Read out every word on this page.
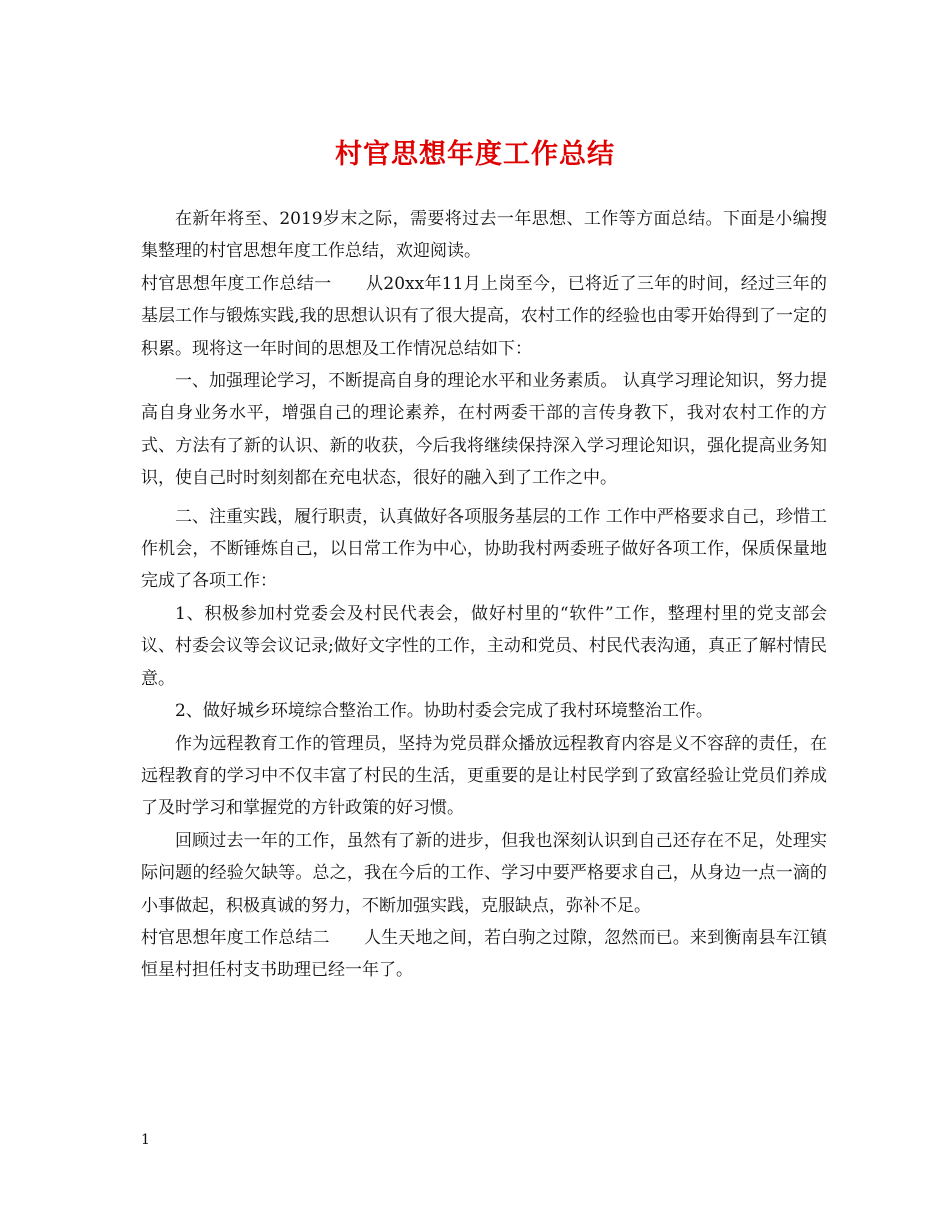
村官思想年度工作总结

在新年将至、2019岁末之际，需要将过去一年思想、工作等方面总结。下面是小编搜集整理的村官思想年度工作总结，欢迎阅读。

村官思想年度工作总结一　　从20xx年11月上岗至今，已将近了三年的时间，经过三年的基层工作与锻炼实践,我的思想认识有了很大提高，农村工作的经验也由零开始得到了一定的积累。现将这一年时间的思想及工作情况总结如下：

一、加强理论学习，不断提高自身的理论水平和业务素质。 认真学习理论知识，努力提高自身业务水平，增强自己的理论素养，在村两委干部的言传身教下，我对农村工作的方式、方法有了新的认识、新的收获，今后我将继续保持深入学习理论知识，强化提高业务知识，使自己时时刻刻都在充电状态，很好的融入到了工作之中。

二、注重实践，履行职责，认真做好各项服务基层的工作 工作中严格要求自己，珍惜工作机会，不断锤炼自己，以日常工作为中心，协助我村两委班子做好各项工作，保质保量地完成了各项工作：

1、积极参加村党委会及村民代表会，做好村里的“软件”工作，整理村里的党支部会议、村委会议等会议记录;做好文字性的工作，主动和党员、村民代表沟通，真正了解村情民意。

2、做好城乡环境综合整治工作。协助村委会完成了我村环境整治工作。

作为远程教育工作的管理员，坚持为党员群众播放远程教育内容是义不容辞的责任，在远程教育的学习中不仅丰富了村民的生活，更重要的是让村民学到了致富经验让党员们养成了及时学习和掌握党的方针政策的好习惯。

回顾过去一年的工作，虽然有了新的进步，但我也深刻认识到自己还存在不足，处理实际问题的经验欠缺等。总之，我在今后的工作、学习中要严格要求自己，从身边一点一滴的小事做起，积极真诚的努力，不断加强实践，克服缺点，弥补不足。

村官思想年度工作总结二　　人生天地之间，若白驹之过隙，忽然而已。来到衡南县车江镇恒星村担任村支书助理已经一年了。

1
